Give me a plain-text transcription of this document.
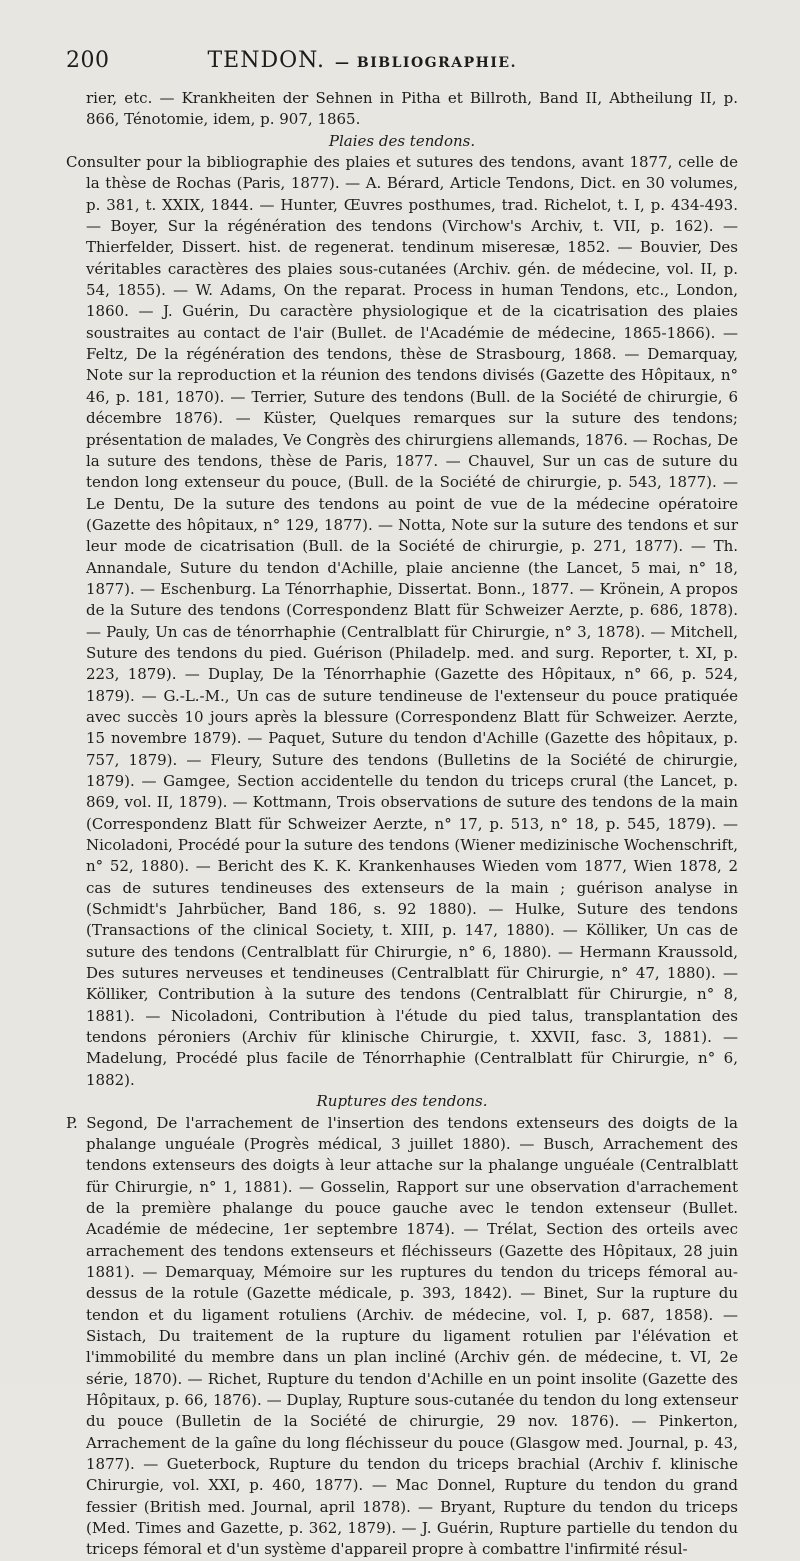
200	TENDON. — BIBLIOGRAPHIE.

rier, etc. — Krankheiten der Sehnen in Pitha et Billroth, Band II, Abtheilung II, p. 866, Ténotomie, idem, p. 907, 1865.

Plaies des tendons.

Consulter pour la bibliographie des plaies et sutures des tendons, avant 1877, celle de la thèse de Rochas (Paris, 1877). — A. Bérard, Article Tendons, Dict. en 30 volumes, p. 381, t. XXIX, 1844. — Hunter, Œuvres posthumes, trad. Richelot, t. I, p. 434-493. — Boyer, Sur la régénération des tendons (Virchow's Archiv, t. VII, p. 162). — Thierfelder, Dissert. hist. de regenerat. tendinum miseresæ, 1852. — Bouvier, Des véritables caractères des plaies sous-cutanées (Archiv. gén. de médecine, vol. II, p. 54, 1855). — W. Adams, On the reparat. Process in human Tendons, etc., London, 1860. — J. Guérin, Du caractère physiologique et de la cicatrisation des plaies soustraites au contact de l'air (Bullet. de l'Académie de médecine, 1865-1866). — Feltz, De la régénération des tendons, thèse de Strasbourg, 1868. — Demarquay, Note sur la reproduction et la réunion des tendons divisés (Gazette des Hôpitaux, n° 46, p. 181, 1870). — Terrier, Suture des tendons (Bull. de la Société de chirurgie, 6 décembre 1876). — Küster, Quelques remarques sur la suture des tendons; présentation de malades, Ve Congrès des chirurgiens allemands, 1876. — Rochas, De la suture des tendons, thèse de Paris, 1877. — Chauvel, Sur un cas de suture du tendon long extenseur du pouce, (Bull. de la Société de chirurgie, p. 543, 1877). — Le Dentu, De la suture des tendons au point de vue de la médecine opératoire (Gazette des hôpitaux, n° 129, 1877). — Notta, Note sur la suture des tendons et sur leur mode de cicatrisation (Bull. de la Société de chirurgie, p. 271, 1877). — Th. Annandale, Suture du tendon d'Achille, plaie ancienne (the Lancet, 5 mai, n° 18, 1877). — Eschenburg. La Ténorrhaphie, Dissertat. Bonn., 1877. — Krönein, A propos de la Suture des tendons (Correspondenz Blatt für Schweizer Aerzte, p. 686, 1878). — Pauly, Un cas de ténorrhaphie (Centralblatt für Chirurgie, n° 3, 1878). — Mitchell, Suture des tendons du pied. Guérison (Philadelp. med. and surg. Reporter, t. XI, p. 223, 1879). — Duplay, De la Ténorrhaphie (Gazette des Hôpitaux, n° 66, p. 524, 1879). — G.-L.-M., Un cas de suture tendineuse de l'extenseur du pouce pratiquée avec succès 10 jours après la blessure (Correspondenz Blatt für Schweizer. Aerzte, 15 novembre 1879). — Paquet, Suture du tendon d'Achille (Gazette des hôpitaux, p. 757, 1879). — Fleury, Suture des tendons (Bulletins de la Société de chirurgie, 1879). — Gamgee, Section accidentelle du tendon du triceps crural (the Lancet, p. 869, vol. II, 1879). — Kottmann, Trois observations de suture des tendons de la main (Correspondenz Blatt für Schweizer Aerzte, n° 17, p. 513, n° 18, p. 545, 1879). — Nicoladoni, Procédé pour la suture des tendons (Wiener medizinische Wochenschrift, n° 52, 1880). — Bericht des K. K. Krankenhauses Wieden vom 1877, Wien 1878, 2 cas de sutures tendineuses des extenseurs de la main ; guérison analyse in (Schmidt's Jahrbücher, Band 186, s. 92 1880). — Hulke, Suture des tendons (Transactions of the clinical Society, t. XIII, p. 147, 1880). — Kölliker, Un cas de suture des tendons (Centralblatt für Chirurgie, n° 6, 1880). — Hermann Kraussold, Des sutures nerveuses et tendineuses (Centralblatt für Chirurgie, n° 47, 1880). — Kölliker, Contribution à la suture des tendons (Centralblatt für Chirurgie, n° 8, 1881). — Nicoladoni, Contribution à l'étude du pied talus, transplantation des tendons péroniers (Archiv für klinische Chirurgie, t. XXVII, fasc. 3, 1881). — Madelung, Procédé plus facile de Ténorrhaphie (Centralblatt für Chirurgie, n° 6, 1882).

Ruptures des tendons.

P. Segond, De l'arrachement de l'insertion des tendons extenseurs des doigts de la phalange unguéale (Progrès médical, 3 juillet 1880). — Busch, Arrachement des tendons extenseurs des doigts à leur attache sur la phalange unguéale (Centralblatt für Chirurgie, n° 1, 1881). — Gosselin, Rapport sur une observation d'arrachement de la première phalange du pouce gauche avec le tendon extenseur (Bullet. Académie de médecine, 1er septembre 1874). — Trélat, Section des orteils avec arrachement des tendons extenseurs et fléchisseurs (Gazette des Hôpitaux, 28 juin 1881). — Demarquay, Mémoire sur les ruptures du tendon du triceps fémoral au-dessus de la rotule (Gazette médicale, p. 393, 1842). — Binet, Sur la rupture du tendon et du ligament rotuliens (Archiv. de médecine, vol. I, p. 687, 1858). — Sistach, Du traitement de la rupture du ligament rotulien par l'élévation et l'immobilité du membre dans un plan incliné (Archiv gén. de médecine, t. VI, 2e série, 1870). — Richet, Rupture du tendon d'Achille en un point insolite (Gazette des Hôpitaux, p. 66, 1876). — Duplay, Rupture sous-cutanée du tendon du long extenseur du pouce (Bulletin de la Société de chirurgie, 29 nov. 1876). — Pinkerton, Arrachement de la gaîne du long fléchisseur du pouce (Glasgow med. Journal, p. 43, 1877). — Gueterbock, Rupture du tendon du triceps brachial (Archiv f. klinische Chirurgie, vol. XXI, p. 460, 1877). — Mac Donnel, Rupture du tendon du grand fessier (British med. Journal, april 1878). — Bryant, Rupture du tendon du triceps (Med. Times and Gazette, p. 362, 1879). — J. Guérin, Rupture partielle du tendon du triceps fémoral et d'un système d'appareil propre à combattre l'infirmité résul-
